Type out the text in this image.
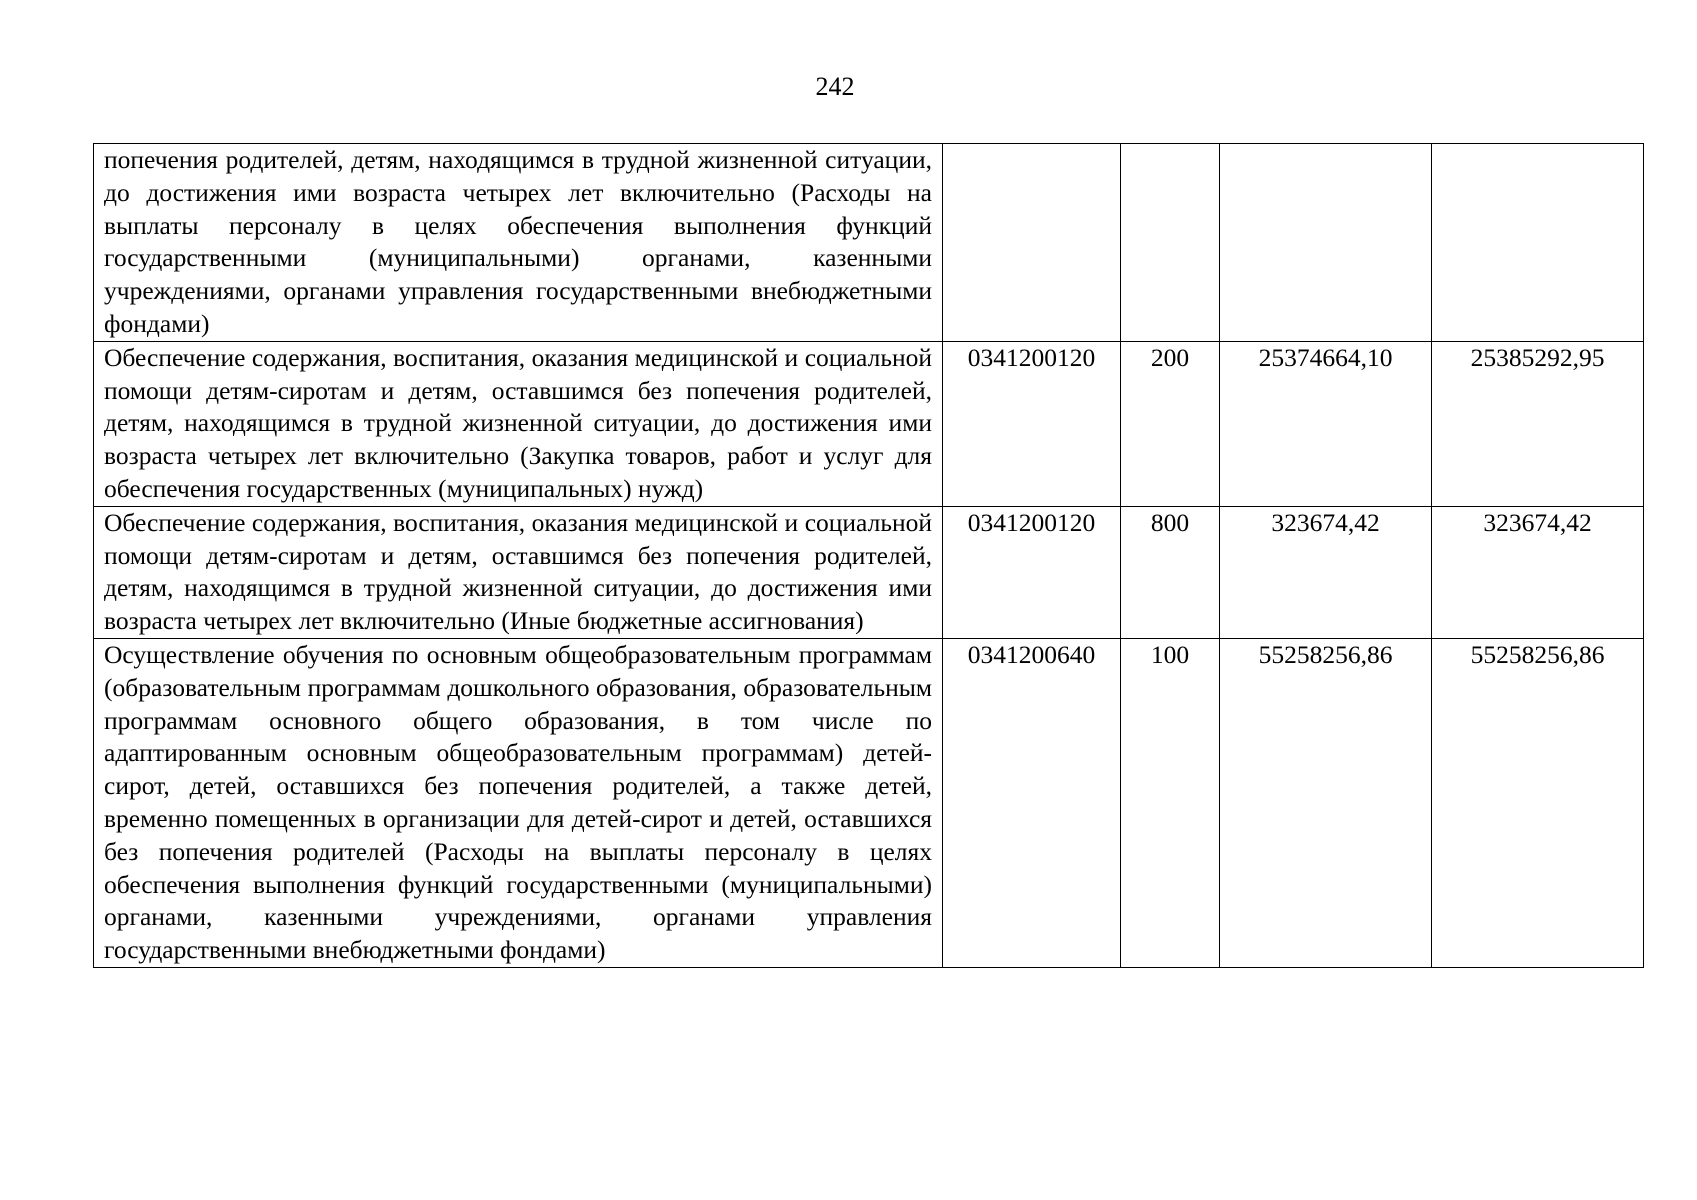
242
попечения родителей, детям, находящимся в трудной жизненной ситуации, до достижения ими возраста четырех лет включительно (Расходы на выплаты персоналу в целях обеспечения выполнения функций государственными (муниципальными) органами, казенными учреждениями, органами управления государственными внебюджетными фондами)				
Обеспечение содержания, воспитания, оказания медицинской и социальной помощи детям-сиротам и детям, оставшимся без попечения родителей, детям, находящимся в трудной жизненной ситуации, до достижения ими возраста четырех лет включительно (Закупка товаров, работ и услуг для обеспечения государственных (муниципальных) нужд)	0341200120	200	25374664,10	25385292,95
Обеспечение содержания, воспитания, оказания медицинской и социальной помощи детям-сиротам и детям, оставшимся без попечения родителей, детям, находящимся в трудной жизненной ситуации, до достижения ими возраста четырех лет включительно (Иные бюджетные ассигнования)	0341200120	800	323674,42	323674,42
Осуществление обучения по основным общеобразовательным программам (образовательным программам дошкольного образования, образовательным программам основного общего образования, в том числе по адаптированным основным общеобразовательным программам) детей-сирот, детей, оставшихся без попечения родителей, а также детей, временно помещенных в организации для детей-сирот и детей, оставшихся без попечения родителей (Расходы на выплаты персоналу в целях обеспечения выполнения функций государственными (муниципальными) органами, казенными учреждениями, органами управления государственными внебюджетными фондами)	0341200640	100	55258256,86	55258256,86
